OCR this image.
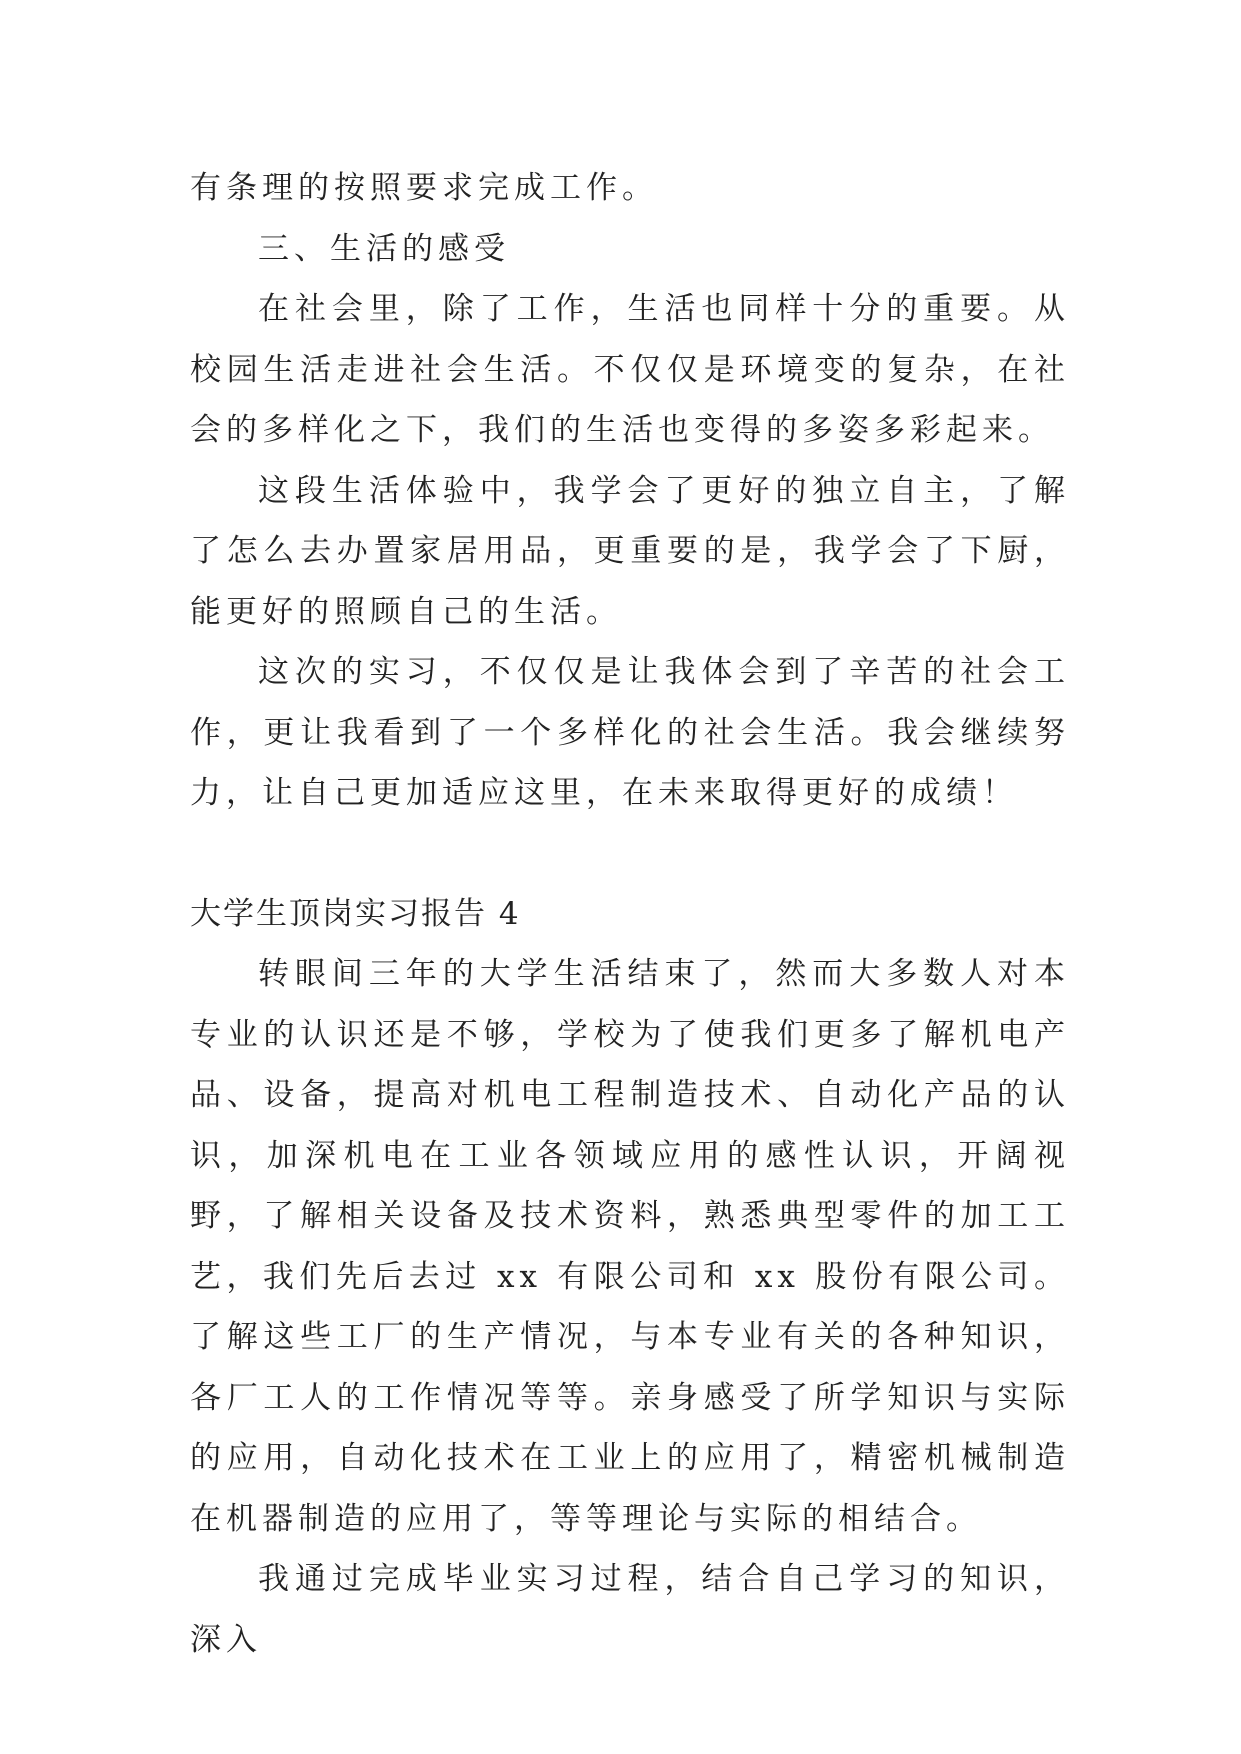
有条理的按照要求完成工作。

三、生活的感受

在社会里，除了工作，生活也同样十分的重要。从校园生活走进社会生活。不仅仅是环境变的复杂，在社会的多样化之下，我们的生活也变得的多姿多彩起来。

这段生活体验中，我学会了更好的独立自主，了解了怎么去办置家居用品，更重要的是，我学会了下厨，能更好的照顾自己的生活。

这次的实习，不仅仅是让我体会到了辛苦的社会工作，更让我看到了一个多样化的社会生活。我会继续努力，让自己更加适应这里，在未来取得更好的成绩！

大学生顶岗实习报告 4

转眼间三年的大学生活结束了，然而大多数人对本专业的认识还是不够，学校为了使我们更多了解机电产品、设备，提高对机电工程制造技术、自动化产品的认识，加深机电在工业各领域应用的感性认识，开阔视野，了解相关设备及技术资料，熟悉典型零件的加工工艺，我们先后去过 xx 有限公司和 xx 股份有限公司。了解这些工厂的生产情况，与本专业有关的各种知识，各厂工人的工作情况等等。亲身感受了所学知识与实际的应用，自动化技术在工业上的应用了，精密机械制造在机器制造的应用了，等等理论与实际的相结合。

我通过完成毕业实习过程，结合自己学习的知识，深入
